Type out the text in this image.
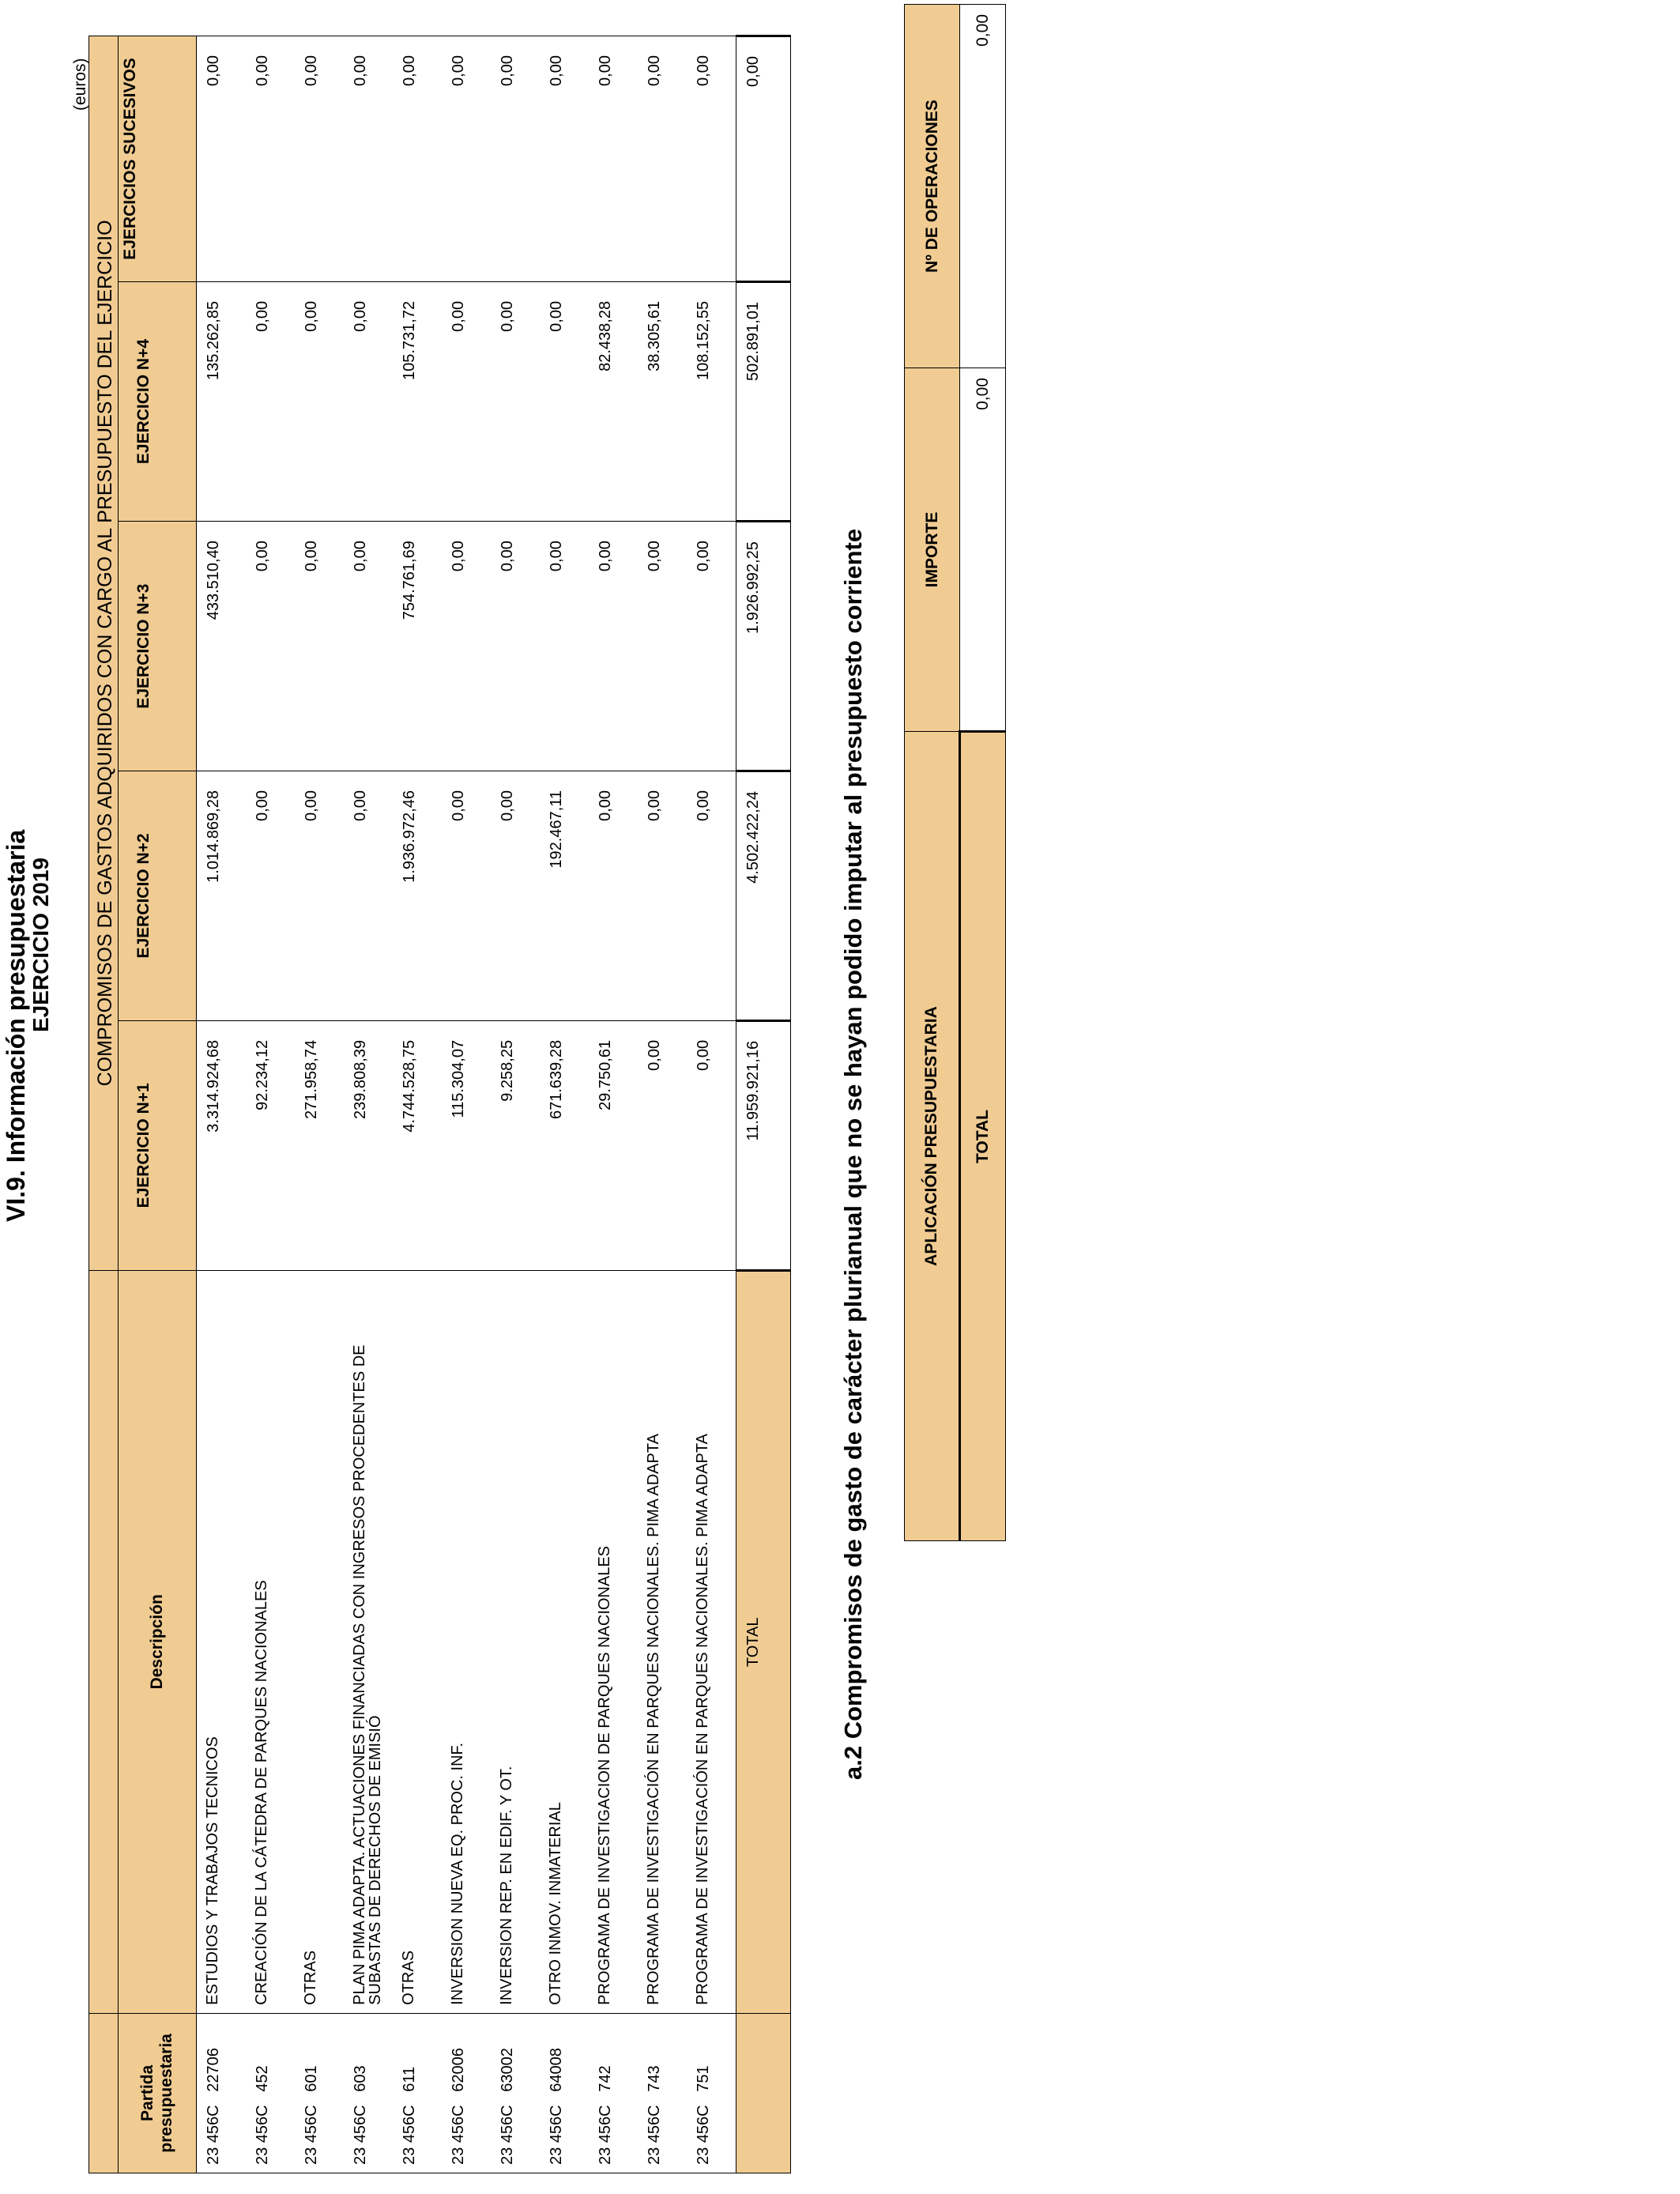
VI.9. Información presupuestaria
EJERCICIO 2019
(euros)
		COMPROMISOS DE GASTOS ADQUIRIDOS CON CARGO AL PRESUPUESTO DEL EJERCICIO				
Partida presupuestaria	Descripción	EJERCICIO N+1	EJERCICIO N+2	EJERCICIO N+3	EJERCICIO N+4	EJERCICIOS SUCESIVOS
23 456C   22706	ESTUDIOS Y TRABAJOS TECNICOS	3.314.924,68	1.014.869,28	433.510,40	135.262,85	0,00
23 456C   452	CREACIÓN DE LA CÁTEDRA DE PARQUES NACIONALES	92.234,12	0,00	0,00	0,00	0,00
23 456C   601	OTRAS	271.958,74	0,00	0,00	0,00	0,00
23 456C   603	PLAN PIMA ADAPTA. ACTUACIONES FINANCIADAS CON INGRESOS PROCEDENTES DE SUBASTAS DE DERECHOS DE EMISIÓ	239.808,39	0,00	0,00	0,00	0,00
23 456C   611	OTRAS	4.744.528,75	1.936.972,46	754.761,69	105.731,72	0,00
23 456C   62006	INVERSION NUEVA EQ. PROC. INF.	115.304,07	0,00	0,00	0,00	0,00
23 456C   63002	INVERSION REP. EN EDIF. Y OT.	9.258,25	0,00	0,00	0,00	0,00
23 456C   64008	OTRO INMOV. INMATERIAL	671.639,28	192.467,11	0,00	0,00	0,00
23 456C   742	PROGRAMA DE INVESTIGACION DE PARQUES NACIONALES	29.750,61	0,00	0,00	82.438,28	0,00
23 456C   743	PROGRAMA DE INVESTIGACIÓN EN PARQUES NACIONALES. PIMA ADAPTA	0,00	0,00	0,00	38.305,61	0,00
23 456C   751	PROGRAMA DE INVESTIGACIÓN EN PARQUES NACIONALES. PIMA ADAPTA	0,00	0,00	0,00	108.152,55	0,00
	TOTAL	11.959.921,16	4.502.422,24	1.926.992,25	502.891,01	0,00
a.2 Compromisos de gasto de carácter plurianual que no se hayan podido imputar al presupuesto corriente	APLICACIÓN PRESUPUESTARIA	IMPORTE	Nº DE OPERACIONES
TOTAL	0,00	0,00
